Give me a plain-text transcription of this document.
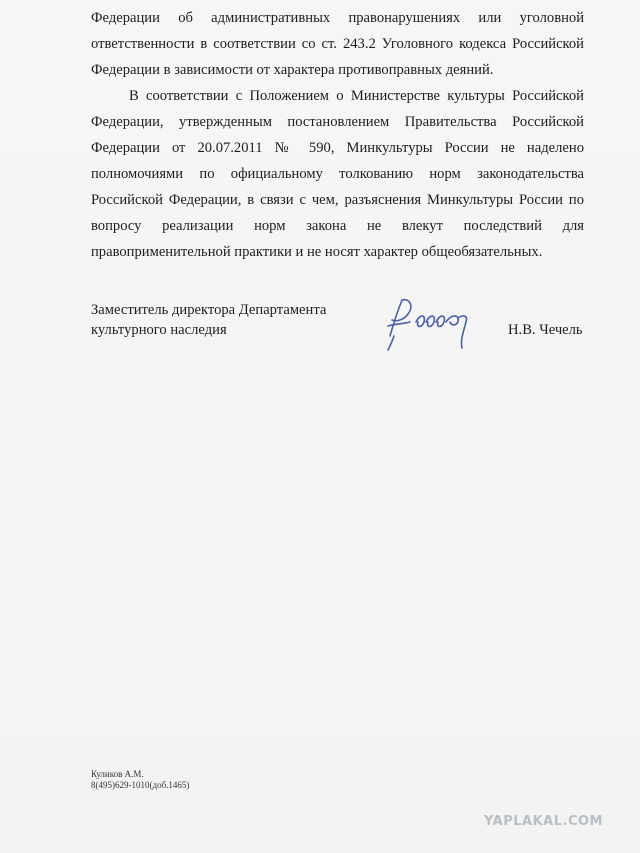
Федерации об административных правонарушениях или уголовной
ответственности в соответствии со ст. 243.2 Уголовного кодекса Российской
Федерации в зависимости от характера противоправных деяний.
В соответствии с Положением о Министерстве культуры Российской
Федерации, утвержденным постановлением Правительства Российской
Федерации от 20.07.2011 № 590, Минкультуры России не наделено
полномочиями по официальному толкованию норм законодательства
Российской Федерации, в связи с чем, разъяснения Минкультуры России по
вопросу реализации норм закона не влекут последствий для
правоприменительной практики и не носят характер общеобязательных.
Заместитель директора Департамента
культурного наследия	Н.В. Чечель
Куликов А.М.
8(495)629-1010(доб.1465)
YAPLAKAL.COM
